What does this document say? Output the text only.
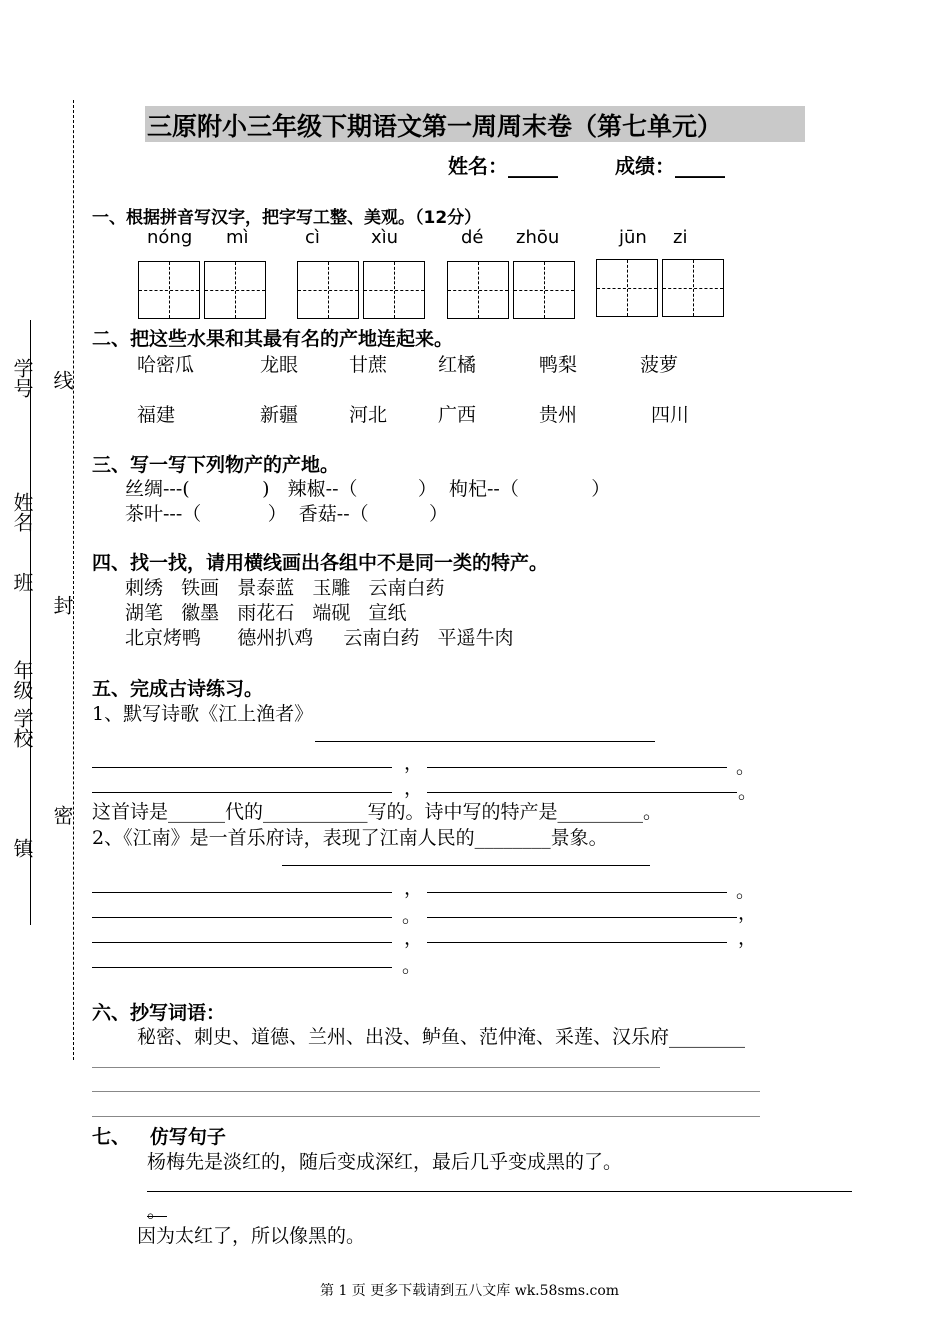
学号
姓名
班
年级
学校
镇
线
封
密
三原附小三年级下期语文第一周周末卷（第七单元）
姓名：_____	成绩：_____
一、根据拼音写汉字，把字写工整、美观。（12分）
nóng mì	cì	xìu	dé zhōu	jūn zi
二、把这些水果和其最有名的产地连起来。
哈密瓜	龙眼	甘蔗	红橘	鸭梨	菠萝
福建	新疆	河北	广西	贵州	四川
三、写一写下列物产的产地。
丝绸---(            )   辣椒--（          ）  枸杞--（            ）
茶叶---（           ）  香菇--（          ）
四、找一找，请用横线画出各组中不是同一类的特产。
刺绣   铁画   景泰蓝   玉雕   云南白药
湖笔   徽墨   雨花石   端砚   宣纸
北京烤鸭      德州扒鸡     云南白药   平遥牛肉
五、完成古诗练习。
1、默写诗歌《江上渔者》
，	。
，	。
这首诗是______代的___________写的。诗中写的特产是_________。
2、《江南》是一首乐府诗，表现了江南人民的________景象。
，	。
。	，
，	，
。
六、抄写词语：
秘密、刺史、道德、兰州、出没、鲈鱼、范仲淹、采莲、汉乐府________
七、   仿写句子
杨梅先是淡红的，随后变成深红，最后几乎变成黑的了。
。
因为太红了，所以像黑的。
第 1 页 更多下载请到五八文库 wk.58sms.com
